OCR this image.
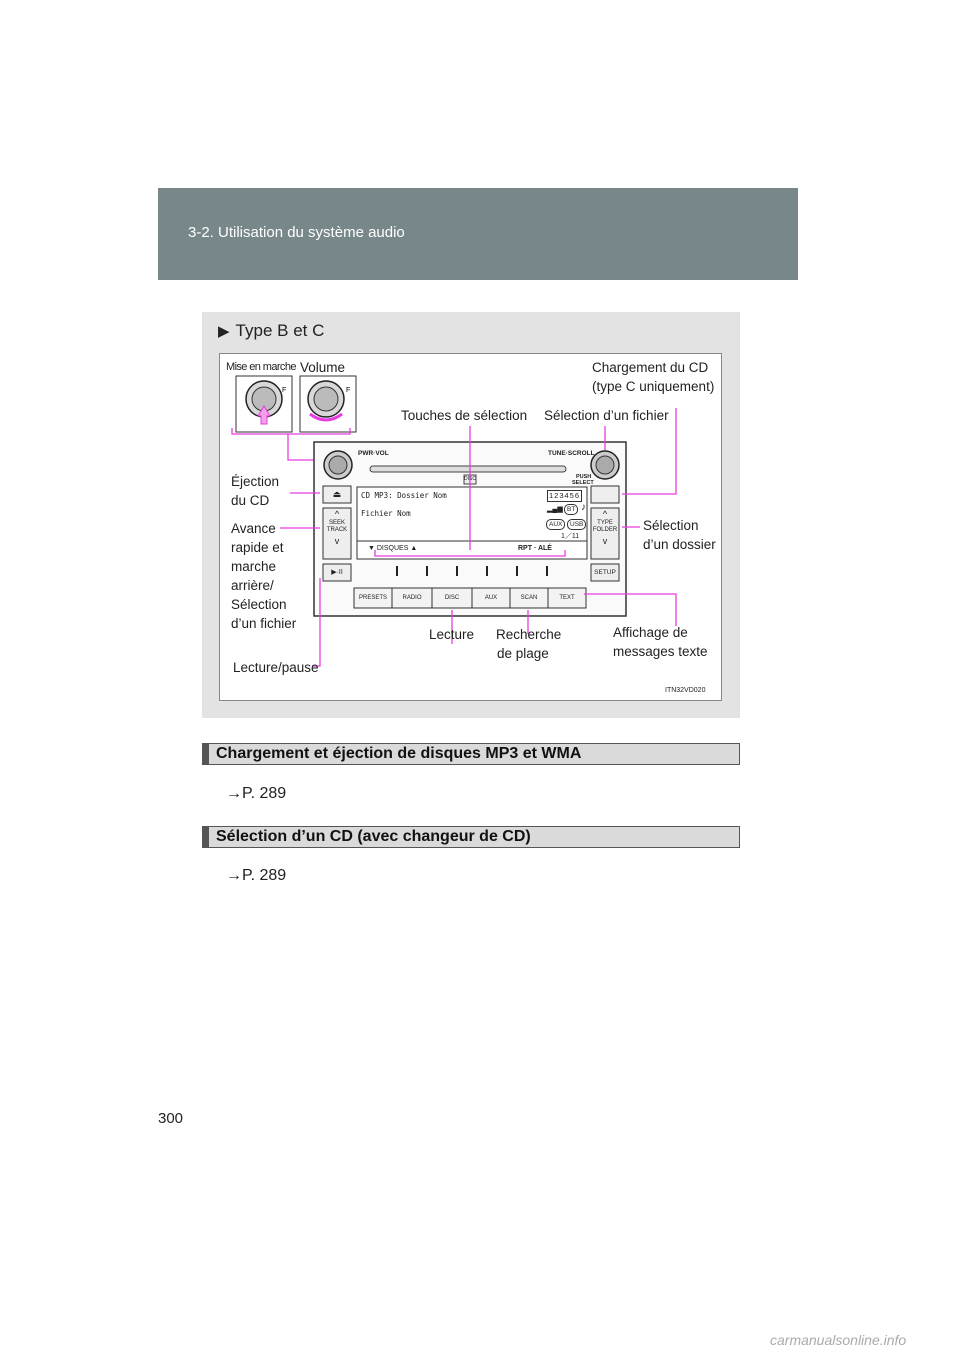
3-2. Utilisation du système audio
▶ Type B et C
F	F
PWR·VOL	TUNE·SCROLL
PUSH
SELECT
DISC
⏏
^
SEEK
TRACK
v
▶·II
^
TYPE
FOLDER
v
SETUP
CD MP3: Dossier Nom
Fichier Nom
123456
▂▄▆ BT ♪
AUX	USB
1／11
▼ DISQUES ▲	RPT · ALÉ
PRESETS	RADIO	DISC	AUX	SCAN	TEXT
Mise en marche Volume	Chargement du CD
(type C uniquement)
Touches de sélection Sélection d’un fichier
Éjection
du CD
Avance
rapide et
marche
arrière/
Sélection
d’un fichier
Sélection
d’un dossier
Lecture Recherche
de plage
Affichage de
messages texte
Lecture/pause
ITN32VD020
Chargement et éjection de disques MP3 et WMA
→P. 289
Sélection d’un CD (avec changeur de CD)
→P. 289
300
carmanualsonline.info
